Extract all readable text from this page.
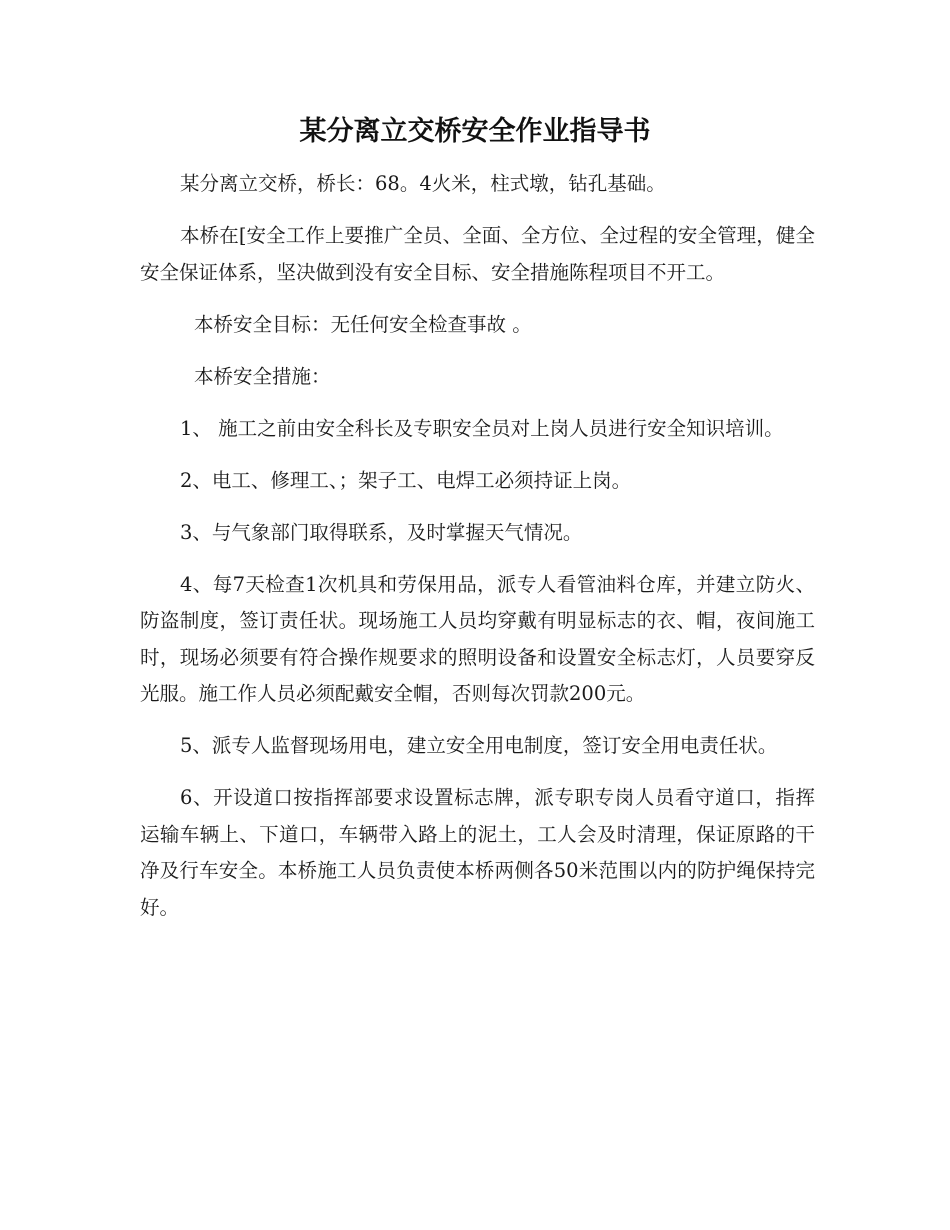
某分离立交桥安全作业指导书

某分离立交桥，桥长：68。4火米，柱式墩，钻孔基础。

本桥在[安全工作上要推广全员、全面、全方位、全过程的安全管理，健全安全保证体系，坚决做到没有安全目标、安全措施陈程项目不开工。

本桥安全目标：无任何安全检查事故 。

本桥安全措施：

1、 施工之前由安全科长及专职安全员对上岗人员进行安全知识培训。

2、电工、修理工、；架子工、电焊工必须持证上岗。

3、与气象部门取得联系，及时掌握天气情况。

4、每7天检查1次机具和劳保用品，派专人看管油料仓库，并建立防火、防盗制度，签订责任状。现场施工人员均穿戴有明显标志的衣、帽，夜间施工时，现场必须要有符合操作规要求的照明设备和设置安全标志灯，人员要穿反光服。施工作人员必须配戴安全帽，否则每次罚款200元。

5、派专人监督现场用电，建立安全用电制度，签订安全用电责任状。

6、开设道口按指挥部要求设置标志牌，派专职专岗人员看守道口，指挥运输车辆上、下道口，车辆带入路上的泥土，工人会及时清理，保证原路的干净及行车安全。本桥施工人员负责使本桥两侧各50米范围以内的防护绳保持完好。
